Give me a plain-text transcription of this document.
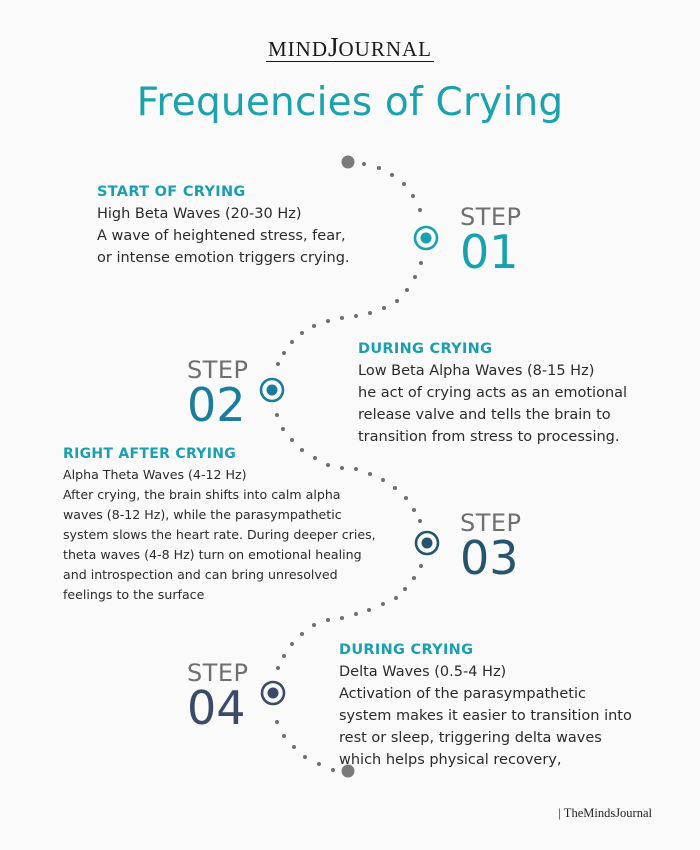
MINDJOURNAL
Frequencies of Crying
START OF CRYING
High Beta Waves (20-30 Hz)
A wave of heightened stress, fear,
or intense emotion triggers crying.
STEP
01
STEP
02
DURING CRYING
Low Beta Alpha Waves (8-15 Hz)
he act of crying acts as an emotional
release valve and tells the brain to
transition from stress to processing.
RIGHT AFTER CRYING
Alpha Theta Waves (4-12 Hz)
After crying, the brain shifts into calm alpha
waves (8-12 Hz), while the parasympathetic
system slows the heart rate. During deeper cries,
theta waves (4-8 Hz) turn on emotional healing
and introspection and can bring unresolved
feelings to the surface
STEP
03
STEP
04
DURING CRYING
Delta Waves (0.5-4 Hz)
Activation of the parasympathetic
system makes it easier to transition into
rest or sleep, triggering delta waves
which helps physical recovery,
| TheMindsJournal
